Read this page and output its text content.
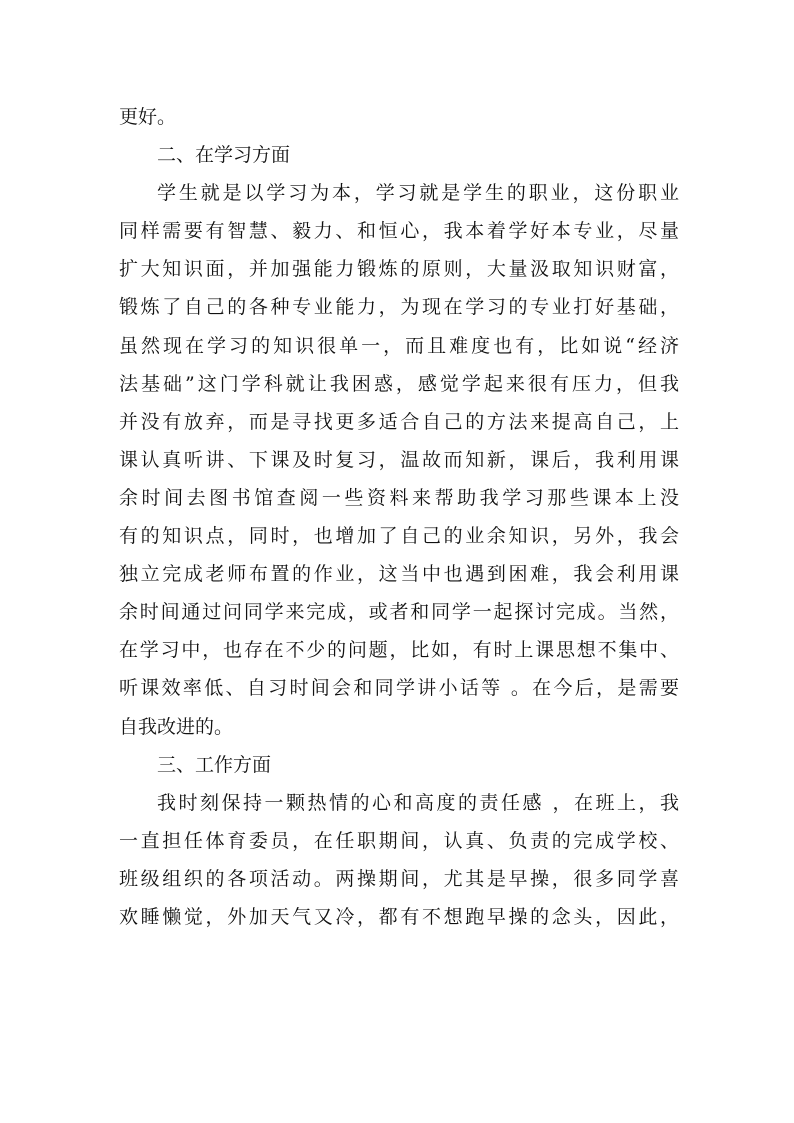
更好。
二、在学习方面
学生就是以学习为本，学习就是学生的职业，这份职业
同样需要有智慧、毅力、和恒心，我本着学好本专业，尽量
扩大知识面，并加强能力锻炼的原则，大量汲取知识财富，
锻炼了自己的各种专业能力，为现在学习的专业打好基础，
虽然现在学习的知识很单一，而且难度也有，比如说“经济
法基础”这门学科就让我困惑，感觉学起来很有压力，但我
并没有放弃，而是寻找更多适合自己的方法来提高自己，上
课认真听讲、下课及时复习，温故而知新，课后，我利用课
余时间去图书馆查阅一些资料来帮助我学习那些课本上没
有的知识点，同时，也增加了自己的业余知识，另外，我会
独立完成老师布置的作业，这当中也遇到困难，我会利用课
余时间通过问同学来完成，或者和同学一起探讨完成。当然，
在学习中，也存在不少的问题，比如，有时上课思想不集中、
听课效率低、自习时间会和同学讲小话等 。在今后，是需要
自我改进的。
三、工作方面
我时刻保持一颗热情的心和高度的责任感 ，在班上，我
一直担任体育委员，在任职期间，认真、负责的完成学校、
班级组织的各项活动。两操期间，尤其是早操，很多同学喜
欢睡懒觉，外加天气又冷，都有不想跑早操的念头，因此，
